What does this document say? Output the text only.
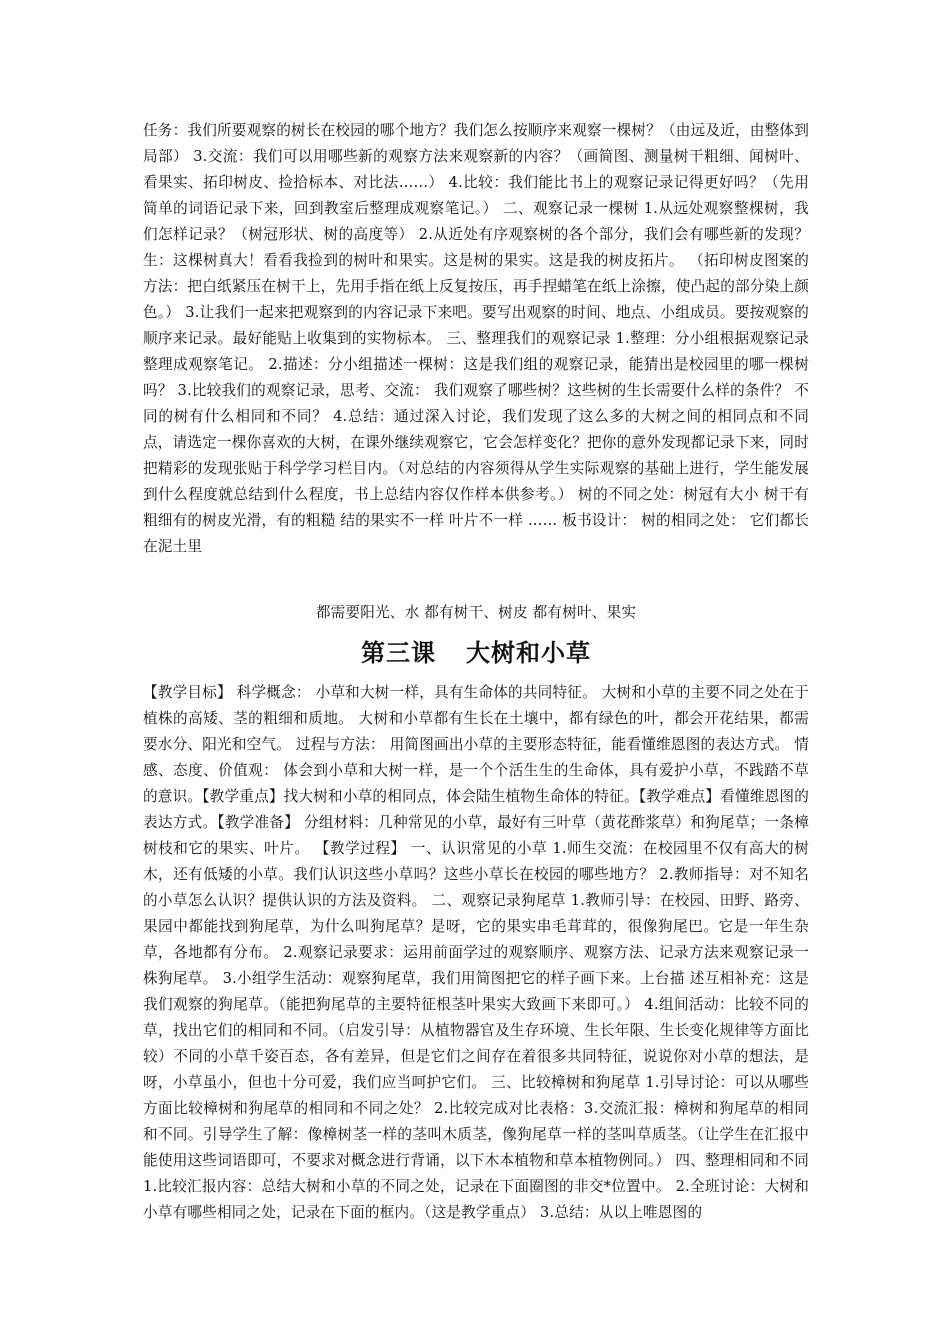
任务：我们所要观察的树长在校园的哪个地方？我们怎么按顺序来观察一棵树？（由远及近，由整体到局部） 3.交流：我们可以用哪些新的观察方法来观察新的内容？（画简图、测量树干粗细、闻树叶、看果实、拓印树皮、捡拾标本、对比法……） 4.比较：我们能比书上的观察记录记得更好吗？（先用简单的词语记录下来，回到教室后整理成观察笔记。） 二、观察记录一棵树 1.从远处观察整棵树，我们怎样记录？（树冠形状、树的高度等） 2.从近处有序观察树的各个部分，我们会有哪些新的发现？ 生：这棵树真大！看看我捡到的树叶和果实。这是树的果实。这是我的树皮拓片。 （拓印树皮图案的方法：把白纸紧压在树干上，先用手指在纸上反复按压，再手捏蜡笔在纸上涂擦，使凸起的部分染上颜色。） 3.让我们一起来把观察到的内容记录下来吧。要写出观察的时间、地点、小组成员。要按观察的顺序来记录。最好能贴上收集到的实物标本。 三、整理我们的观察记录 1.整理：分小组根据观察记录整理成观察笔记。 2.描述：分小组描述一棵树：这是我们组的观察记录，能猜出是校园里的哪一棵树吗？ 3.比较我们的观察记录，思考、交流： 我们观察了哪些树？这些树的生长需要什么样的条件？ 不同的树有什么相同和不同？ 4.总结：通过深入讨论，我们发现了这么多的大树之间的相同点和不同点，请选定一棵你喜欢的大树，在课外继续观察它，它会怎样变化？把你的意外发现都记录下来，同时把精彩的发现张贴于科学学习栏目内。（对总结的内容须得从学生实际观察的基础上进行，学生能发展到什么程度就总结到什么程度，书上总结内容仅作样本供参考。） 树的不同之处：树冠有大小 树干有粗细有的树皮光滑，有的粗糙 结的果实不一样 叶片不一样 …… 板书设计： 树的相同之处： 它们都长在泥土里

都需要阳光、水 都有树干、树皮 都有树叶、果实

第三课 大树和小草

【教学目标】 科学概念： 小草和大树一样，具有生命体的共同特征。 大树和小草的主要不同之处在于植株的高矮、茎的粗细和质地。 大树和小草都有生长在土壤中，都有绿色的叶，都会开花结果，都需要水分、阳光和空气。 过程与方法： 用简图画出小草的主要形态特征，能看懂维恩图的表达方式。 情感、态度、价值观： 体会到小草和大树一样，是一个个活生生的生命体，具有爱护小草，不践踏不草的意识。【教学重点】找大树和小草的相同点，体会陆生植物生命体的特征。【教学难点】看懂维恩图的表达方式。【教学准备】 分组材料：几种常见的小草，最好有三叶草（黄花酢浆草）和狗尾草；一条樟树枝和它的果实、叶片。 【教学过程】 一、认识常见的小草 1.师生交流：在校园里不仅有高大的树木，还有低矮的小草。我们认识这些小草吗？这些小草长在校园的哪些地方？ 2.教师指导：对不知名的小草怎么认识？提供认识的方法及资料。 二、观察记录狗尾草 1.教师引导：在校园、田野、路旁、果园中都能找到狗尾草，为什么叫狗尾草？是呀，它的果实串毛茸茸的，很像狗尾巴。它是一年生杂草，各地都有分布。 2.观察记录要求：运用前面学过的观察顺序、观察方法、记录方法来观察记录一株狗尾草。 3.小组学生活动：观察狗尾草，我们用简图把它的样子画下来。上台描 述互相补充：这是我们观察的狗尾草。（能把狗尾草的主要特征根茎叶果实大致画下来即可。） 4.组间活动：比较不同的草，找出它们的相同和不同。（启发引导：从植物器官及生存环境、生长年限、生长变化规律等方面比较）不同的小草千姿百态，各有差异，但是它们之间存在着很多共同特征，说说你对小草的想法，是呀，小草虽小，但也十分可爱，我们应当呵护它们。 三、比较樟树和狗尾草 1.引导讨论：可以从哪些方面比较樟树和狗尾草的相同和不同之处？ 2.比较完成对比表格：3.交流汇报：樟树和狗尾草的相同和不同。引导学生了解：像樟树茎一样的茎叫木质茎，像狗尾草一样的茎叫草质茎。（让学生在汇报中能使用这些词语即可，不要求对概念进行背诵，以下木本植物和草本植物例同。） 四、整理相同和不同 1.比较汇报内容：总结大树和小草的不同之处，记录在下面圈图的非交*位置中。 2.全班讨论：大树和小草有哪些相同之处，记录在下面的框内。（这是教学重点） 3.总结：从以上唯恩图的
